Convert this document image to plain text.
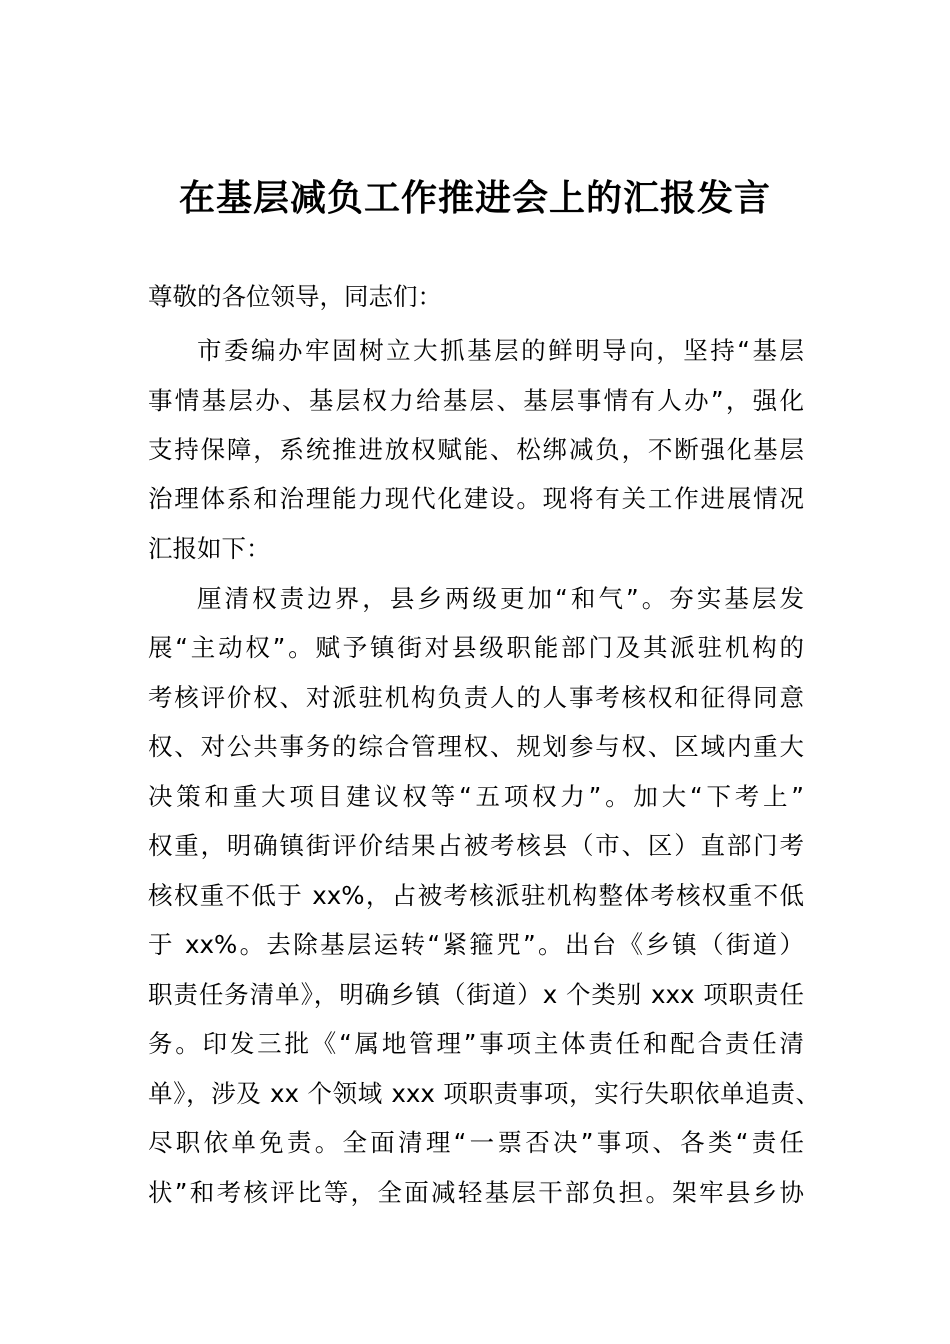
在基层减负工作推进会上的汇报发言

尊敬的各位领导，同志们：

市委编办牢固树立大抓基层的鲜明导向，坚持“基层

事情基层办、基层权力给基层、基层事情有人办”，强化

支持保障，系统推进放权赋能、松绑减负，不断强化基层

治理体系和治理能力现代化建设。现将有关工作进展情况

汇报如下：

厘清权责边界，县乡两级更加“和气”。夯实基层发

展“主动权”。赋予镇街对县级职能部门及其派驻机构的

考核评价权、对派驻机构负责人的人事考核权和征得同意

权、对公共事务的综合管理权、规划参与权、区域内重大

决策和重大项目建议权等“五项权力”。加大“下考上”

权重，明确镇街评价结果占被考核县（市、区）直部门考

核权重不低于 xx%，占被考核派驻机构整体考核权重不低

于 xx%。去除基层运转“紧箍咒”。出台《乡镇（街道）

职责任务清单》，明确乡镇（街道）x 个类别 xxx 项职责任

务。印发三批《“属地管理”事项主体责任和配合责任清

单》，涉及 xx 个领域 xxx 项职责事项，实行失职依单追责、

尽职依单免责。全面清理“一票否决”事项、各类“责任

状”和考核评比等，全面减轻基层干部负担。架牢县乡协
